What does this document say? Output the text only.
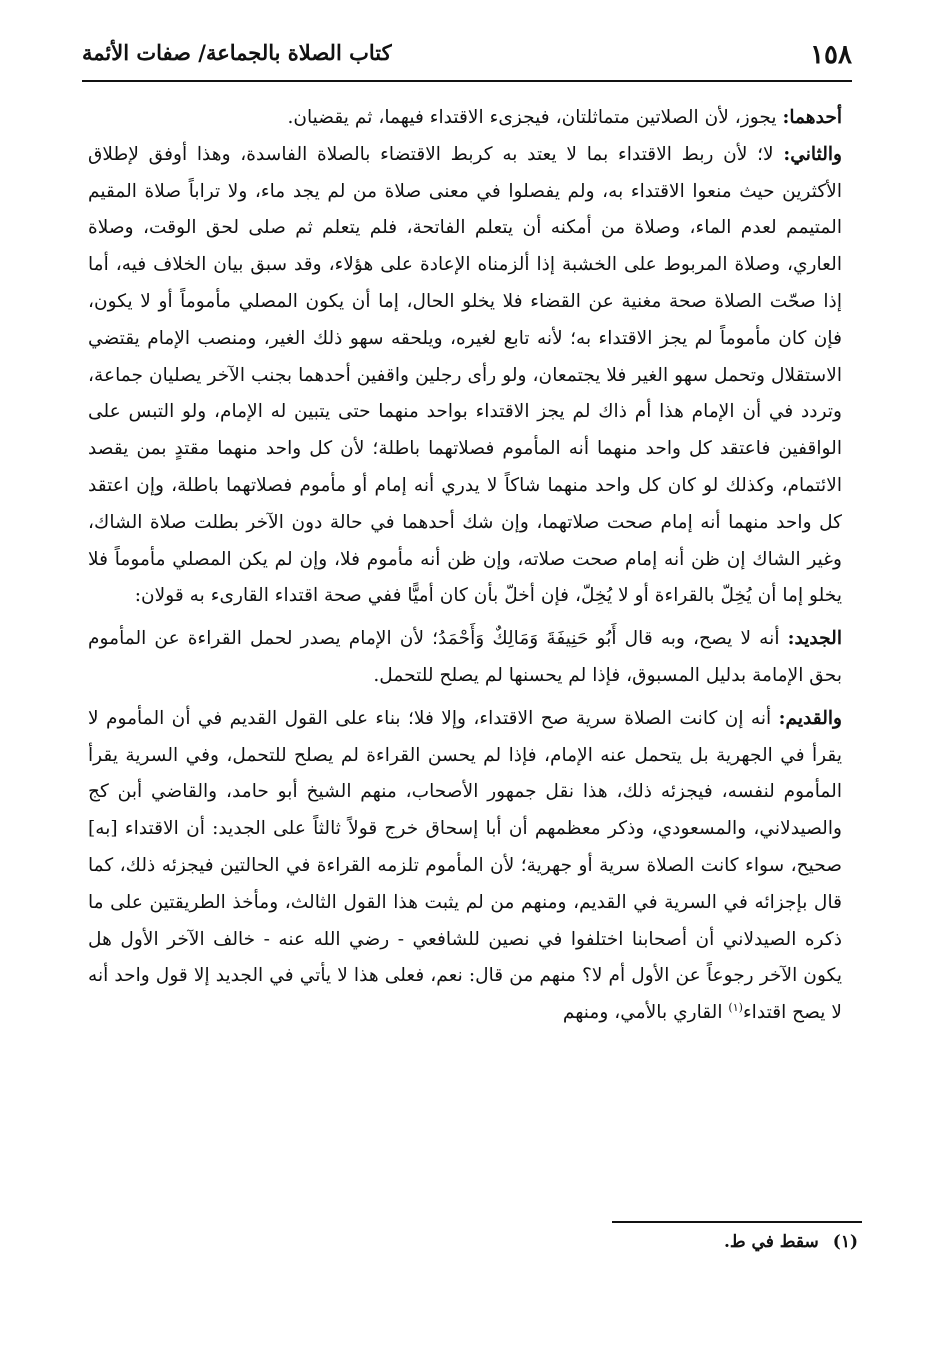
١٥٨
كتاب الصلاة بالجماعة/ صفات الأئمة

أحدهما: يجوز، لأن الصلاتين متماثلتان، فيجزىء الاقتداء فيهما، ثم يقضيان.

والثاني: لا؛ لأن ربط الاقتداء بما لا يعتد به كربط الاقتضاء بالصلاة الفاسدة، وهذا أوفق لإطلاق الأكثرين حيث منعوا الاقتداء به، ولم يفصلوا في معنى صلاة من لم يجد ماء، ولا تراباً صلاة المقيم المتيمم لعدم الماء، وصلاة من أمكنه أن يتعلم الفاتحة، فلم يتعلم ثم صلى لحق الوقت، وصلاة العاري، وصلاة المربوط على الخشبة إذا ألزمناه الإعادة على هؤلاء، وقد سبق بيان الخلاف فيه، أما إذا صحّت الصلاة صحة مغنية عن القضاء فلا يخلو الحال، إما أن يكون المصلي مأموماً أو لا يكون، فإن كان مأموماً لم يجز الاقتداء به؛ لأنه تابع لغيره، ويلحقه سهو ذلك الغير، ومنصب الإمام يقتضي الاستقلال وتحمل سهو الغير فلا يجتمعان، ولو رأى رجلين واقفين أحدهما بجنب الآخر يصليان جماعة، وتردد في أن الإمام هذا أم ذاك لم يجز الاقتداء بواحد منهما حتى يتبين له الإمام، ولو التبس على الواقفين فاعتقد كل واحد منهما أنه المأموم فصلاتهما باطلة؛ لأن كل واحد منهما مقتدٍ بمن يقصد الائتمام، وكذلك لو كان كل واحد منهما شاكاً لا يدري أنه إمام أو مأموم فصلاتهما باطلة، وإن اعتقد كل واحد منهما أنه إمام صحت صلاتهما، وإن شك أحدهما في حالة دون الآخر بطلت صلاة الشاك، وغير الشاك إن ظن أنه إمام صحت صلاته، وإن ظن أنه مأموم فلا، وإن لم يكن المصلي مأموماً فلا يخلو إما أن يُخِلّ بالقراءة أو لا يُخِلّ، فإن أخلّ بأن كان أميًّا ففي صحة اقتداء القارىء به قولان:

الجديد: أنه لا يصح، وبه قال أَبُو حَنِيفَةَ وَمَالِكٌ وَأَحْمَدُ؛ لأن الإمام يصدر لحمل القراءة عن المأموم بحق الإمامة بدليل المسبوق، فإذا لم يحسنها لم يصلح للتحمل.

والقديم: أنه إن كانت الصلاة سرية صح الاقتداء، وإلا فلا؛ بناء على القول القديم في أن المأموم لا يقرأ في الجهرية بل يتحمل عنه الإمام، فإذا لم يحسن القراءة لم يصلح للتحمل، وفي السرية يقرأ المأموم لنفسه، فيجزئه ذلك، هذا نقل جمهور الأصحاب، منهم الشيخ أبو حامد، والقاضي أبن كج والصيدلاني، والمسعودي، وذكر معظمهم أن أبا إسحاق خرج قولاً ثالثاً على الجديد: أن الاقتداء [به] صحيح، سواء كانت الصلاة سرية أو جهرية؛ لأن المأموم تلزمه القراءة في الحالتين فيجزئه ذلك، كما قال بإجزائه في السرية في القديم، ومنهم من لم يثبت هذا القول الثالث، ومأخذ الطريقتين على ما ذكره الصيدلاني أن أصحابنا اختلفوا في نصين للشافعي - رضي الله عنه - خالف الآخر الأول هل يكون الآخر رجوعاً عن الأول أم لا؟ منهم من قال: نعم، فعلى هذا لا يأتي في الجديد إلا قول واحد أنه لا يصح اقتداء$^{(١)}$ القاري بالأمي، ومنهم

(١)سقط في ط.
